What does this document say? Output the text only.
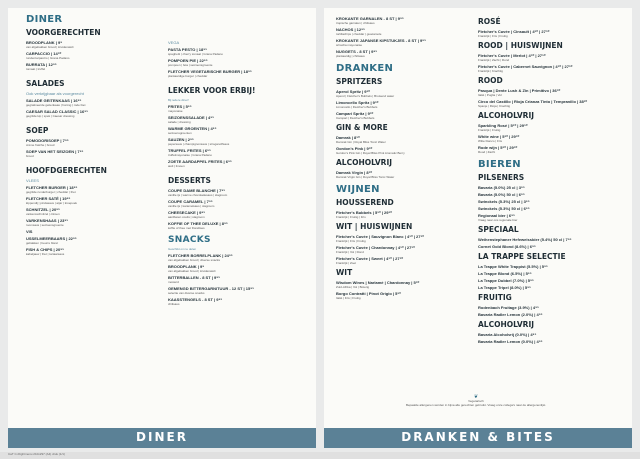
DINER
VOORGERECHTEN
BROODPLANK | 9⁹
van afgebakken brood | kruidenaïoli
CARPACCIO | 14⁵⁰
rundercarpaccio | Grana Padano
BURRATA | 12⁹⁵
tomaat | truffel
SALADES
Ook verkrijgbaar als voorgerecht
SALADE GEITENKAAS | 16⁹⁵
gegratineerde geitenkaas | honing | rode biet
CAESAR SALAD CLASSIC | 16⁹⁵
gegrilde kip | spek | Caesar dressing
SOEP
POMODORISOEP | 7⁹⁵
crème fraîche | brood
SOEP VAN HET SEIZOEN | 7⁹⁵
brood
HOOFDGERECHTEN
VLEES
FLETCHER BURGER | 18⁹⁵
gegrilde runderburger | cheddar | friet
FLETCHER SATÉ | 19⁹⁵
kippendij | pindasaus | atjar | kroepoek
SCHNITZEL | 20⁹⁵
varkensschnitzel | citroen
VARKENSHAAS | 23⁹⁵
roomsaus | seizoensgroente
VIS
USSELMEERBAARS | 22⁹⁵
gebakken | beurre blanc
FISH & CHIPS | 20⁹⁵
kabeljauw | friet | tartaarsaus
VEGA
PASTA PESTO | 18⁹⁵
spaghetti | cherry tomaat | Grana Padano
POMPOEN PIE | 22⁹⁵
pompoen | feta | seizoensgroente
FLETCHER VEGETARISCHE BURGER | 18⁹⁵
plantaardige burger | cheddar
LEKKER VOOR ERBIJ!
Bij iedere diner!
FRITES | 5⁹⁵
mayonaise
SEIZOENSSALADE | 4⁹⁵
salade | dressing
WARME GROENTEN | 4⁹⁵
seizoensgroenten
SAUZEN | 2⁹⁵
pepersaus | champignonsaus | stroganoffsaus
TRUFFEL FRITES | 6⁹⁵
truffelmayonaise | Grana Padano
ZOETE AARDAPPEL FRITES | 6⁹⁵
aioli | limoen
DESSERTS
COUPE DAME BLANCHE | 7⁹⁵
vanille ijs | warme chocoladesaus | slagroom
COUPE CARAMEL | 7⁹⁵
vanille ijs | karamelsaus | slagroom
CHEESECAKE | 9⁹⁵
aardbeien coulis | slagroom
KOFFIE OF THEE DELUXE | 8⁹⁵
koffie of thee met friandises
SNACKS
Geschikt om te delen
FLETCHER BORRELPLANK | 24⁹⁵
van afgebakken brood | diverse snacks
BROODPLANK | 9⁹
van afgebakken brood | kruidenaïoli
BITTERBALLEN - 8 ST | 9⁹⁵
mosterd
GEMENGD BITTERGARNITUUR - 12 ST | 15⁹⁵
selectie van diverse snacks
KAASSTENGELS - 8 ST | 9⁹⁵
chilisaus
KROKANTE GARNALEN - 8 ST | 9⁹⁵
tropische garnalen | chilisaus
NACHOS | 12⁹⁵
tortillachips | cheddar | guacamole
KROKANTE JAPANSE KIPSTUKJES - 8 ST | 9⁹⁵
sriracha mayonaise
NUGGETS - 8 ST | 9⁹⁵
plantaardig | chilisaus
DRANKEN
SPRITZERS
Aperol Spritz | 9⁵⁰
Aperol | Fletcher's Bubbels | Bruisend water
Limoncello Spritz | 9⁵⁰
Limoncello | Fletcher's Bubbels
Campari Spritz | 9⁵⁰
Campari | Fletcher's Bubbels
GIN & MORE
Damrak | 8⁵⁰
Damrak Gin | Royal Bliss Tonic Water
Gordon's Pink | 9⁵⁰
Gordon's Pink Gin | Royal Bliss Pink Aromatic Berry
ALCOHOLVRIJ
Damrak Virgin | 8⁵⁰
Damrak Virgin Gin | Royal Bliss Tonic Water
WIJNEN
HOUSSEREND
Fletcher's Bubbels | 5⁵⁰ | 29⁵⁰
Frankrijk | Fruitig | Fris
WIT | HUISWIJNEN
Fletcher's Cuvée | Sauvignon Blanc | 4⁵⁰ | 27⁵⁰
Frankrijk | Fris | Fruitig
Fletcher's Cuvée | Chardonnay | 4⁵⁰ | 27⁵⁰
Frankrijk | Vol | Rond
Fletcher's Cuvée | Sweet | 4⁵⁰ | 27⁵⁰
Frankrijk | Zoet
WIT
Wisdom Wines | Narlamé | Chardonnay | 5⁵⁰
Zuid-Afrika | Vol | Boterig
Borgo Contratti | Pinot Grigio | 5⁵⁰
Italië | Fris | Fruitig
ROSÉ
Fletcher's Cuvée | Cinsault | 4⁵⁰ | 27⁵⁰
Frankrijk | Fris | Fruitig
ROOD | HUISWIJNEN
Fletcher's Cuvée | Merlot | 4⁵⁰ | 27⁵⁰
Frankrijk | Zacht | Rond
Fletcher's Cuvée | Cabernet Sauvignon | 4⁵⁰ | 27⁵⁰
Frankrijk | Krachtig
ROOD
Pasqua | Dente Lush & Zin | Primitivo | 36⁵⁰
Italië | Puglia | Vol
Circo del Castillo | Rioja Crianza Tinto | Tempranillo | 38⁵⁰
Spanje | Rioja | Krachtig
ALCOHOLVRIJ
Sparkling Rosé | 5⁵⁰ | 29⁵⁰
Frankrijk | Fruitig
White wine | 5⁵⁰ | 29⁵⁰
Witte blanco | Fris
Rode wijn | 5⁵⁰ | 29⁵⁰
Rood | Zacht
BIEREN
PILSENERS
Bavaria (5.0%) 25 cl | 3⁹⁵
Bavaria (5.0%) 50 cl | 6⁹⁵
Swinckels (5.3%) 25 cl | 3⁹⁵
Swinckels (5.3%) 50 cl | 6⁹⁵
Regionaal bier | 6⁹⁵
Vraag naar ons regionale bier
SPECIAAL
Weihenstephaner Hefeweissbier (5.4%) 50 cl | 7⁹⁵
Cornet Gold Blond (8.6%) | 6⁹⁵
LA TRAPPE SELECTIE
La Trappe White Trappist (5.5%) | 5⁹⁵
La Trappe Blond (6.5%) | 5⁹⁵
La Trappe Dubbel (7.0%) | 5⁹⁵
La Trappe Tripel (8.0%) | 5⁹⁵
FRUITIG
Rodenbach Fruitage (3.9%) | 4⁹⁵
Bavaria Radler Lemon (2.0%) | 4⁹⁵
ALCOHOLVRIJ
Bavaria Alcoholvrij (0.0%) | 4⁹⁵
Bavaria Radler Lemon (0.0%) | 4⁹⁵
❦
Vegetarisch
Bepaalde allergenen worden in bijna alle gerechten gebruikt. Vraag onze collega's naar de allergenenlijst.
DINER	DRANKEN & BITES
CaT C-Flightmenu 210x297 (A4) druk (1/1)
